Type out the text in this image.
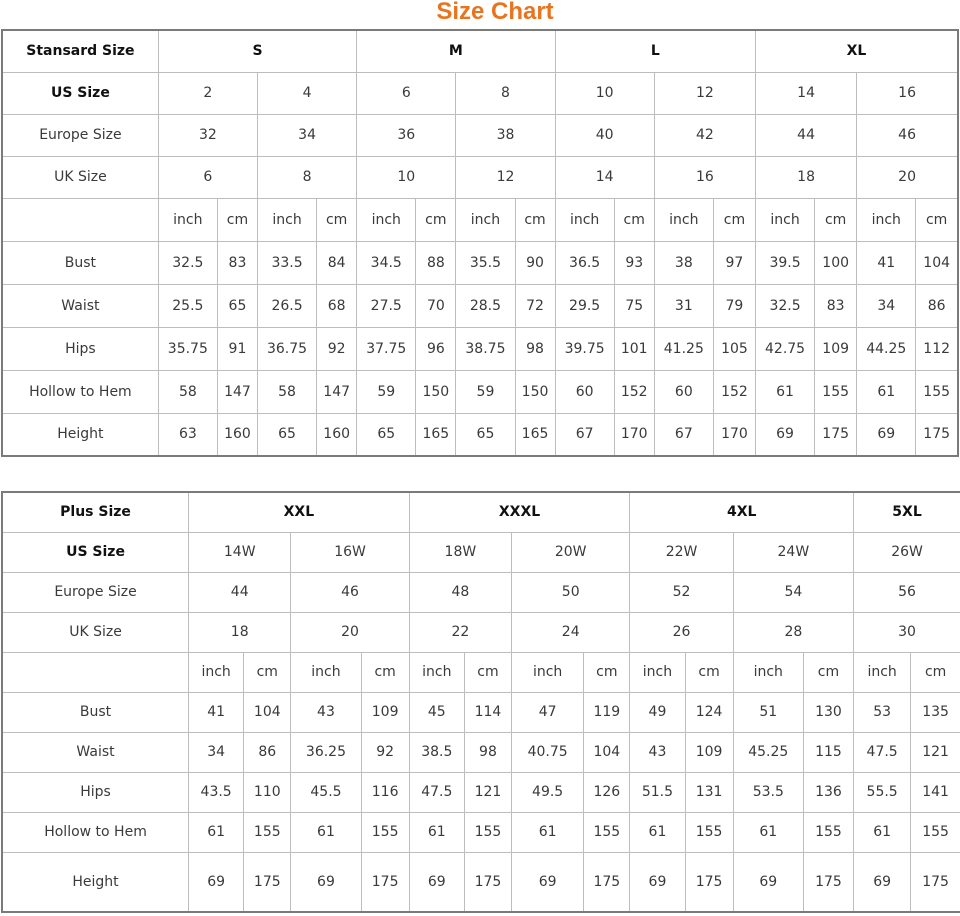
Size Chart
Stansard Size	S				M				L				XL			
US Size	2		4		6		8		10		12		14		16	
Europe Size	32		34		36		38		40		42		44		46	
UK Size	6		8		10		12		14		16		18		20	
	inch	cm	inch	cm	inch	cm	inch	cm	inch	cm	inch	cm	inch	cm	inch	cm
Bust	32.5	83	33.5	84	34.5	88	35.5	90	36.5	93	38	97	39.5	100	41	104
Waist	25.5	65	26.5	68	27.5	70	28.5	72	29.5	75	31	79	32.5	83	34	86
Hips	35.75	91	36.75	92	37.75	96	38.75	98	39.75	101	41.25	105	42.75	109	44.25	112
Hollow to Hem	58	147	58	147	59	150	59	150	60	152	60	152	61	155	61	155
Height	63	160	65	160	65	165	65	165	67	170	67	170	69	175	69	175
Plus Size	XXL				XXXL				4XL				5XL	
US Size	14W		16W		18W		20W		22W		24W		26W	
Europe Size	44		46		48		50		52		54		56	
UK Size	18		20		22		24		26		28		30	
	inch	cm	inch	cm	inch	cm	inch	cm	inch	cm	inch	cm	inch	cm
Bust	41	104	43	109	45	114	47	119	49	124	51	130	53	135
Waist	34	86	36.25	92	38.5	98	40.75	104	43	109	45.25	115	47.5	121
Hips	43.5	110	45.5	116	47.5	121	49.5	126	51.5	131	53.5	136	55.5	141
Hollow to Hem	61	155	61	155	61	155	61	155	61	155	61	155	61	155
Height	69	175	69	175	69	175	69	175	69	175	69	175	69	175
